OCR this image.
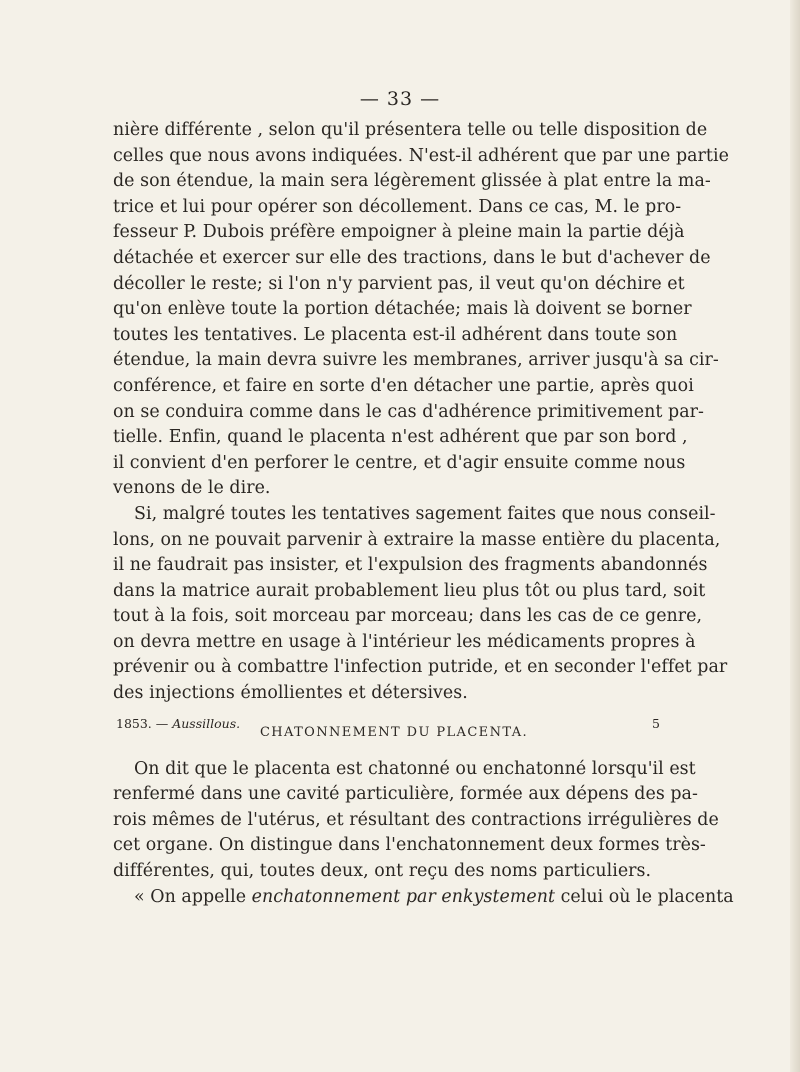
— 33 —
nière différente , selon qu'il présentera telle ou telle disposition de
celles que nous avons indiquées. N'est-il adhérent que par une partie
de son étendue, la main sera légèrement glissée à plat entre la ma-
trice et lui pour opérer son décollement. Dans ce cas, M. le pro-
fesseur P. Dubois préfère empoigner à pleine main la partie déjà
détachée et exercer sur elle des tractions, dans le but d'achever de
décoller le reste; si l'on n'y parvient pas, il veut qu'on déchire et
qu'on enlève toute la portion détachée; mais là doivent se borner
toutes les tentatives. Le placenta est-il adhérent dans toute son
étendue, la main devra suivre les membranes, arriver jusqu'à sa cir-
conférence, et faire en sorte d'en détacher une partie, après quoi
on se conduira comme dans le cas d'adhérence primitivement par-
tielle. Enfin, quand le placenta n'est adhérent que par son bord ,
il convient d'en perforer le centre, et d'agir ensuite comme nous
venons de le dire.
Si, malgré toutes les tentatives sagement faites que nous conseil-
lons, on ne pouvait parvenir à extraire la masse entière du placenta,
il ne faudrait pas insister, et l'expulsion des fragments abandonnés
dans la matrice aurait probablement lieu plus tôt ou plus tard, soit
tout à la fois, soit morceau par morceau; dans les cas de ce genre,
on devra mettre en usage à l'intérieur les médicaments propres à
prévenir ou à combattre l'infection putride, et en seconder l'effet par
des injections émollientes et détersives.
CHATONNEMENT DU PLACENTA.
On dit que le placenta est chatonné ou enchatonné lorsqu'il est
renfermé dans une cavité particulière, formée aux dépens des pa-
rois mêmes de l'utérus, et résultant des contractions irrégulières de
cet organe. On distingue dans l'enchatonnement deux formes très-
différentes, qui, toutes deux, ont reçu des noms particuliers.
« On appelle enchatonnement par enkystement celui où le placenta
1853. — Aussillous.	5
